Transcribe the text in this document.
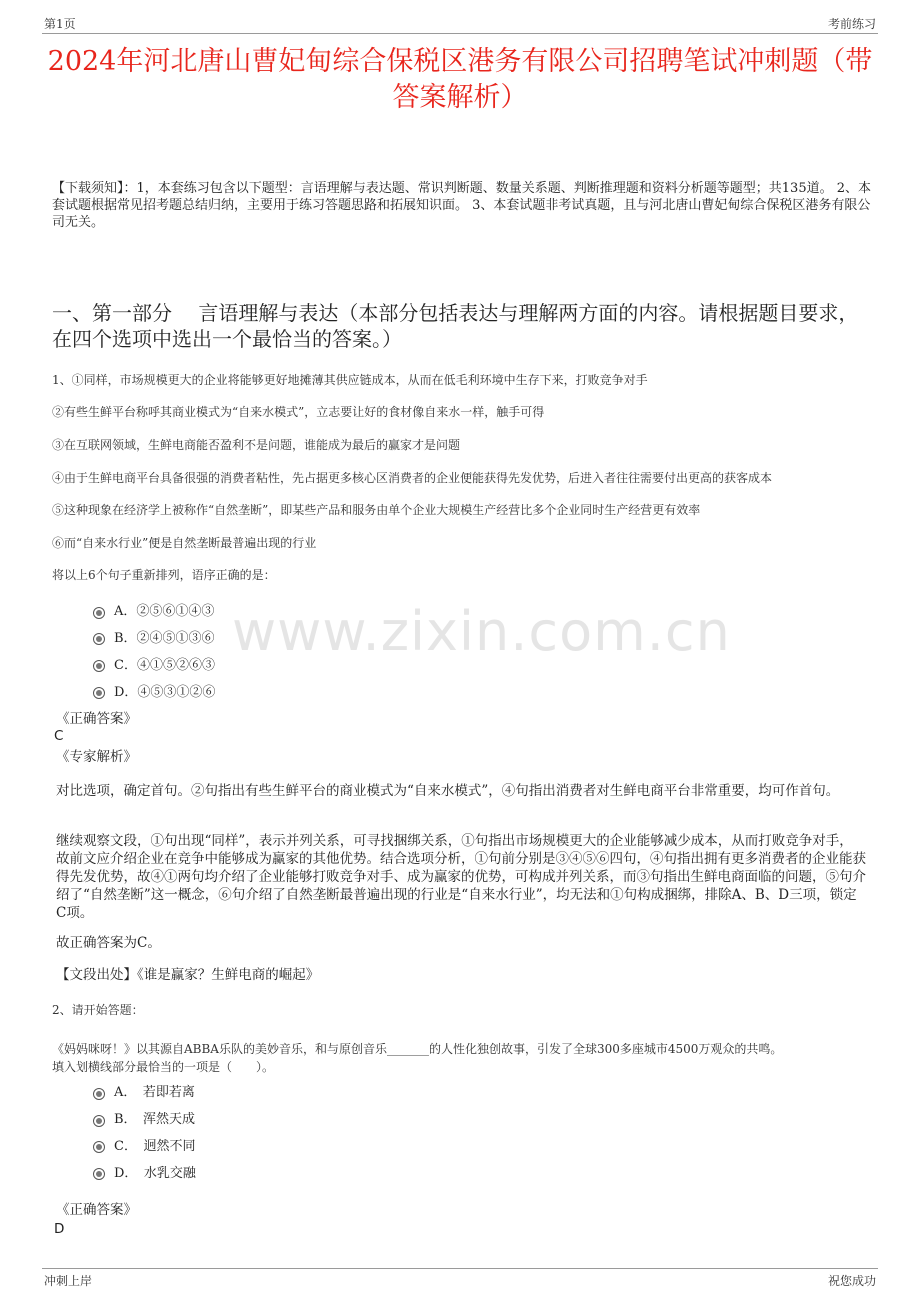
www.zixin.com.cn
第1页	考前练习
2024年河北唐山曹妃甸综合保税区港务有限公司招聘笔试冲刺题（带答案解析）
【下载须知】：1，本套练习包含以下题型：言语理解与表达题、常识判断题、数量关系题、判断推理题和资料分析题等题型；共135道。 2、本套试题根据常见招考题总结归纳，主要用于练习答题思路和拓展知识面。 3、本套试题非考试真题，且与河北唐山曹妃甸综合保税区港务有限公司无关。
一、第一部分　 言语理解与表达（本部分包括表达与理解两方面的内容。请根据题目要求，在四个选项中选出一个最恰当的答案。）
1、①同样，市场规模更大的企业将能够更好地摊薄其供应链成本，从而在低毛利环境中生存下来，打败竞争对手
②有些生鲜平台称呼其商业模式为“自来水模式”，立志要让好的食材像自来水一样，触手可得
③在互联网领域，生鲜电商能否盈利不是问题，谁能成为最后的赢家才是问题
④由于生鲜电商平台具备很强的消费者粘性，先占据更多核心区消费者的企业便能获得先发优势，后进入者往往需要付出更高的获客成本
⑤这种现象在经济学上被称作“自然垄断”，即某些产品和服务由单个企业大规模生产经营比多个企业同时生产经营更有效率
⑥而“自来水行业”便是自然垄断最普遍出现的行业
将以上6个句子重新排列，语序正确的是：
A．②⑤⑥①④③
B．②④⑤①③⑥
C．④①⑤②⑥③
D．④⑤③①②⑥
《正确答案》
C
《专家解析》
对比选项，确定首句。②句指出有些生鲜平台的商业模式为“自来水模式”，④句指出消费者对生鲜电商平台非常重要，均可作首句。
继续观察文段，①句出现“同样”，表示并列关系，可寻找捆绑关系，①句指出市场规模更大的企业能够减少成本，从而打败竞争对手，故前文应介绍企业在竞争中能够成为赢家的其他优势。结合选项分析，①句前分别是③④⑤⑥四句，④句指出拥有更多消费者的企业能获得先发优势，故④①两句均介绍了企业能够打败竞争对手、成为赢家的优势，可构成并列关系，而③句指出生鲜电商面临的问题，⑤句介绍了“自然垄断”这一概念，⑥句介绍了自然垄断最普遍出现的行业是“自来水行业”，均无法和①句构成捆绑，排除A、B、D三项，锁定C项。
故正确答案为C。
【文段出处】《谁是赢家？生鲜电商的崛起》
2、请开始答题：
《妈妈咪呀！》以其源自ABBA乐队的美妙音乐，和与原创音乐_______的人性化独创故事，引发了全球300多座城市4500万观众的共鸣。
填入划横线部分最恰当的一项是（　　）。
A．　若即若离
B．　浑然天成
C．　迥然不同
D．　水乳交融
《正确答案》
D
冲刺上岸	祝您成功
